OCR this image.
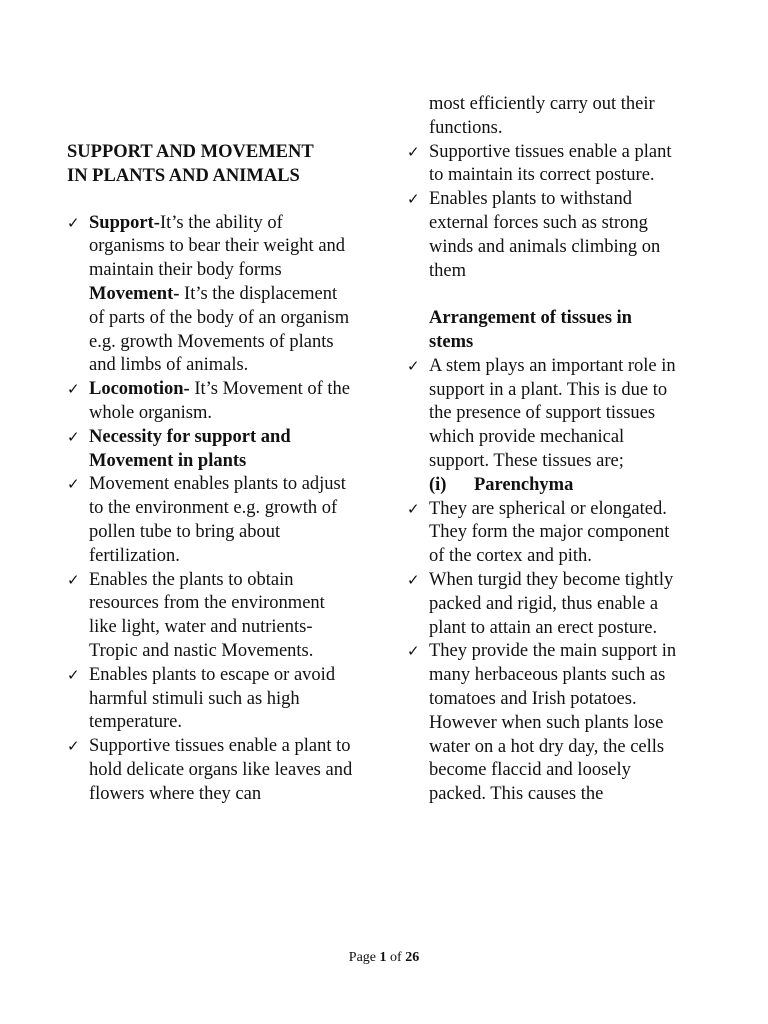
SUPPORT AND MOVEMENT
IN PLANTS AND ANIMALS
✓ Support-It’s the ability of organisms to bear their weight and maintain their body forms
Movement- It’s the displacement of parts of the body of an organism e.g. growth Movements of plants and limbs of animals.
✓ Locomotion- It’s Movement of the whole organism.
✓ Necessity for support and Movement in plants
✓ Movement enables plants to adjust to the environment e.g. growth of pollen tube to bring about fertilization.
✓ Enables the plants to obtain resources from the environment like light, water and nutrients-Tropic and nastic Movements.
✓ Enables plants to escape or avoid harmful stimuli such as high temperature.
✓ Supportive tissues enable a plant to hold delicate organs like leaves and flowers where they can
most efficiently carry out their functions.
✓ Supportive tissues enable a plant to maintain its correct posture.
✓ Enables plants to withstand external forces such as strong winds and animals climbing on them
Arrangement of tissues in stems
✓ A stem plays an important role in support in a plant. This is due to the presence of support tissues which provide mechanical support. These tissues are;
(i) Parenchyma
✓ They are spherical or elongated. They form the major component of the cortex and pith.
✓ When turgid they become tightly packed and rigid, thus enable a plant to attain an erect posture.
✓ They provide the main support in many herbaceous plants such as tomatoes and Irish potatoes. However when such plants lose water on a hot dry day, the cells become flaccid and loosely packed. This causes the
Page 1 of 26
